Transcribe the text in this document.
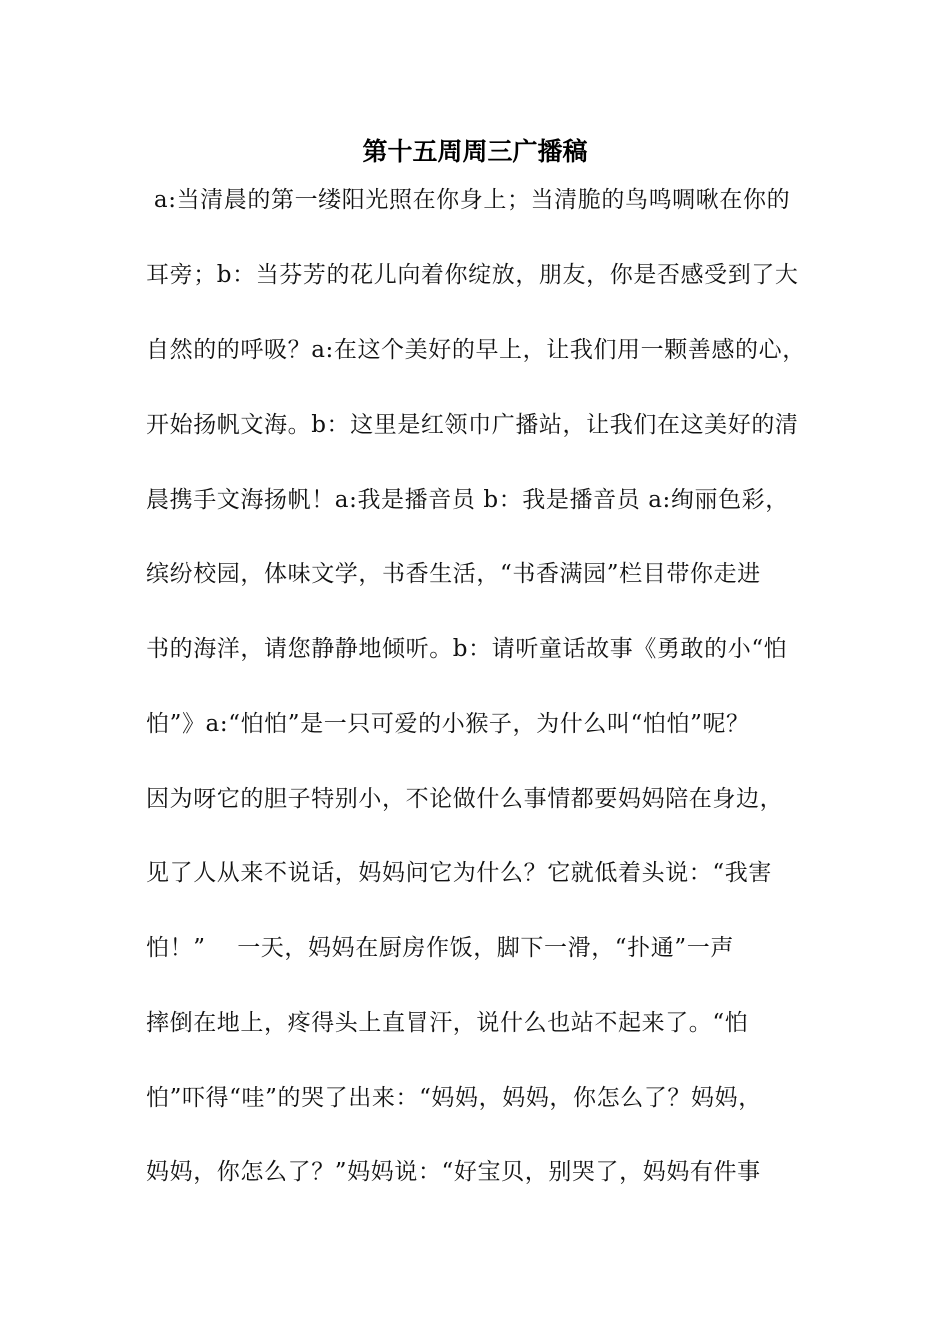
第十五周周三广播稿
a:当清晨的第一缕阳光照在你身上；当清脆的鸟鸣啁啾在你的
耳旁；b：当芬芳的花儿向着你绽放，朋友，你是否感受到了大
自然的的呼吸？a:在这个美好的早上，让我们用一颗善感的心，
开始扬帆文海。b：这里是红领巾广播站，让我们在这美好的清
晨携手文海扬帆！a:我是播音员 b：我是播音员 a:绚丽色彩，
缤纷校园，体味文学，书香生活，“书香满园”栏目带你走进
书的海洋，请您静静地倾听。b：请听童话故事《勇敢的小“怕
怕”》a:“怕怕”是一只可爱的小猴子，为什么叫“怕怕”呢？
因为呀它的胆子特别小，不论做什么事情都要妈妈陪在身边，
见了人从来不说话，妈妈问它为什么？它就低着头说：“我害
怕！”    一天，妈妈在厨房作饭，脚下一滑，“扑通”一声
摔倒在地上，疼得头上直冒汗，说什么也站不起来了。“怕
怕”吓得“哇”的哭了出来：“妈妈，妈妈，你怎么了？妈妈，
妈妈，你怎么了？”妈妈说：“好宝贝，别哭了，妈妈有件事
